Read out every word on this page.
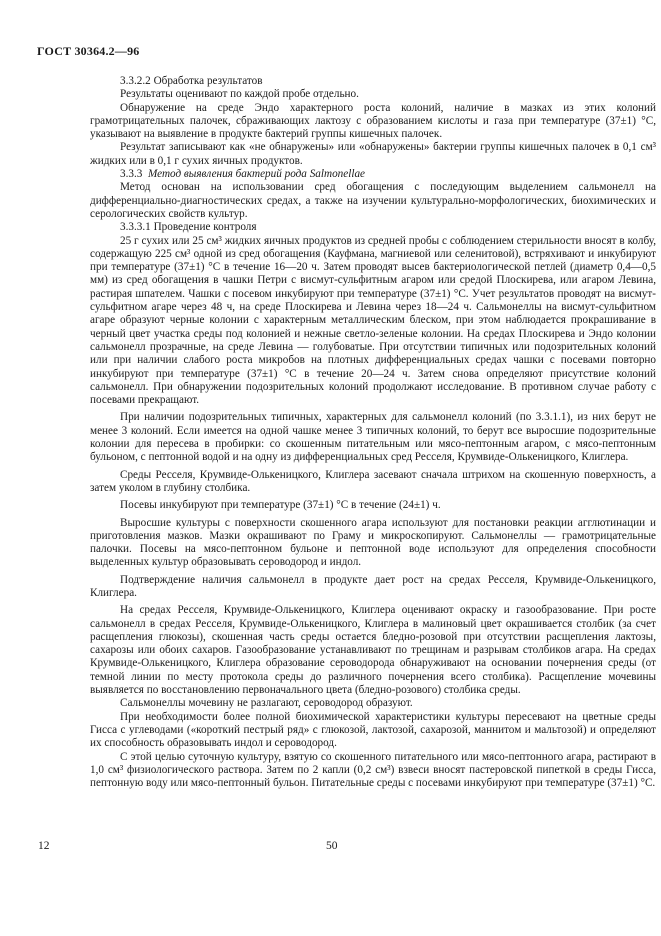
ГОСТ 30364.2—96

3.3.2.2 Обработка результатов

Результаты оценивают по каждой пробе отдельно.

Обнаружение на среде Эндо характерного роста колоний, наличие в мазках из этих колоний грамотрицательных палочек, сбраживающих лактозу с образованием кислоты и газа при температуре (37±1) °С, указывают на выявление в продукте бактерий группы кишечных палочек.

Результат записывают как «не обнаружены» или «обнаружены» бактерии группы кишечных палочек в 0,1 см³ жидких или в 0,1 г сухих яичных продуктов.

3.3.3 Метод выявления бактерий рода Salmonellae

Метод основан на использовании сред обогащения с последующим выделением сальмонелл на дифференциально-диагностических средах, а также на изучении культурально-морфологических, биохимических и серологических свойств культур.

3.3.3.1 Проведение контроля

25 г сухих или 25 см³ жидких яичных продуктов из средней пробы с соблюдением стерильности вносят в колбу, содержащую 225 см³ одной из сред обогащения (Кауфмана, магниевой или селенитовой), встряхивают и инкубируют при температуре (37±1) °С в течение 16—20 ч. Затем проводят высев бактериологической петлей (диаметр 0,4—0,5 мм) из сред обогащения в чашки Петри с висмут-сульфитным агаром или средой Плоскирева, или агаром Левина, растирая шпателем. Чашки с посевом инкубируют при температуре (37±1) °С. Учет результатов проводят на висмут-сульфитном агаре через 48 ч, на среде Плоскирева и Левина через 18—24 ч. Сальмонеллы на висмут-сульфитном агаре образуют черные колонии с характерным металлическим блеском, при этом наблюдается прокрашивание в черный цвет участка среды под колонией и нежные светло-зеленые колонии. На средах Плоскирева и Эндо колонии сальмонелл прозрачные, на среде Левина — голубоватые. При отсутствии типичных или подозрительных колоний или при наличии слабого роста микробов на плотных дифференциальных средах чашки с посевами повторно инкубируют при температуре (37±1) °С в течение 20—24 ч. Затем снова определяют присутствие колоний сальмонелл. При обнаружении подозрительных колоний продолжают исследование. В противном случае работу с посевами прекращают.

При наличии подозрительных типичных, характерных для сальмонелл колоний (по 3.3.1.1), из них берут не менее 3 колоний. Если имеется на одной чашке менее 3 типичных колоний, то берут все выросшие подозрительные колонии для пересева в пробирки: со скошенным питательным или мясо-пептонным агаром, с мясо-пептонным бульоном, с пептонной водой и на одну из дифференциальных сред Ресселя, Крумвиде-Олькеницкого, Клиглера.

Среды Ресселя, Крумвиде-Олькеницкого, Клиглера засевают сначала штрихом на скошенную поверхность, а затем уколом в глубину столбика.

Посевы инкубируют при температуре (37±1) °С в течение (24±1) ч.

Выросшие культуры с поверхности скошенного агара используют для постановки реакции агглютинации и приготовления мазков. Мазки окрашивают по Граму и микроскопируют. Сальмонеллы — грамотрицательные палочки. Посевы на мясо-пептонном бульоне и пептонной воде используют для определения способности выделенных культур образовывать сероводород и индол.

Подтверждение наличия сальмонелл в продукте дает рост на средах Ресселя, Крумвиде-Олькеницкого, Клиглера.

На средах Ресселя, Крумвиде-Олькеницкого, Клиглера оценивают окраску и газообразование. При росте сальмонелл в средах Ресселя, Крумвиде-Олькеницкого, Клиглера в малиновый цвет окрашивается столбик (за счет расщепления глюкозы), скошенная часть среды остается бледно-розовой при отсутствии расщепления лактозы, сахарозы или обоих сахаров. Газообразование устанавливают по трещинам и разрывам столбиков агара. На средах Крумвиде-Олькеницкого, Клиглера образование сероводорода обнаруживают на основании почернения среды (от темной линии по месту протокола среды до различного почернения всего столбика). Расщепление мочевины выявляется по восстановлению первоначального цвета (бледно-розового) столбика среды.

Сальмонеллы мочевину не разлагают, сероводород образуют.

При необходимости более полной биохимической характеристики культуры пересевают на цветные среды Гисса с углеводами («короткий пестрый ряд» с глюкозой, лактозой, сахарозой, маннитом и мальтозой) и определяют их способность образовывать индол и сероводород.

С этой целью суточную культуру, взятую со скошенного питательного или мясо-пептонного агара, растирают в 1,0 см³ физиологического раствора. Затем по 2 капли (0,2 см³) взвеси вносят пастеровской пипеткой в среды Гисса, пептонную воду или мясо-пептонный бульон. Питательные среды с посевами инкубируют при температуре (37±1) °С.

12	50
